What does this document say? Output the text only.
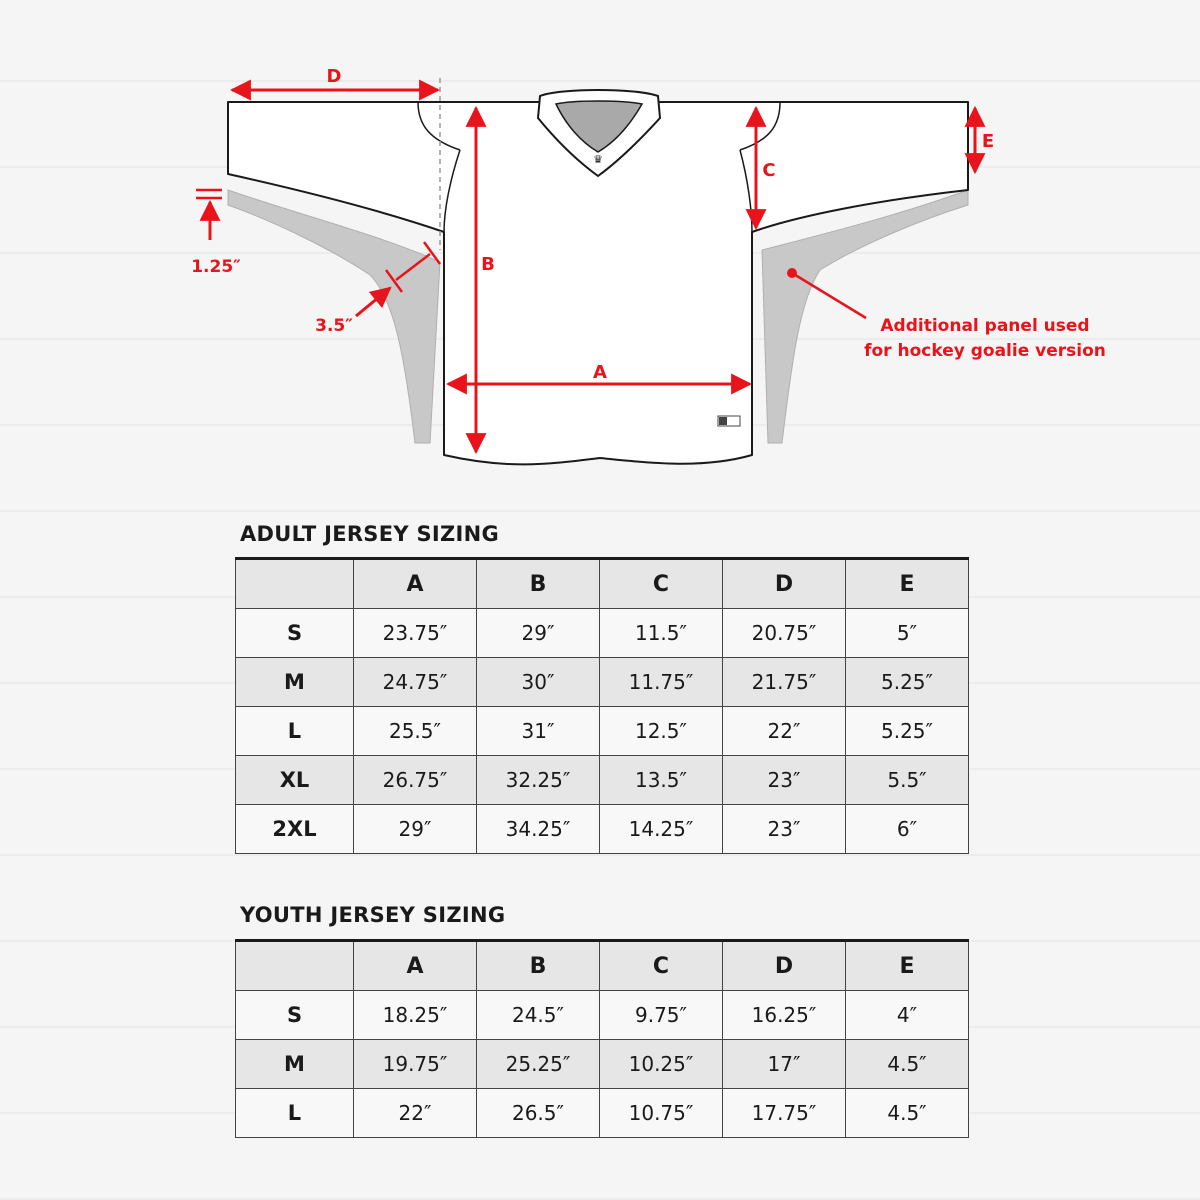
♛
D
E
C
B
A
1.25″
3.5″	Additional panel used
for hockey goalie version
ADULT JERSEY SIZING
	A	B	C	D	E
S	23.75″	29″	11.5″	20.75″	5″
M	24.75″	30″	11.75″	21.75″	5.25″
L	25.5″	31″	12.5″	22″	5.25″
XL	26.75″	32.25″	13.5″	23″	5.5″
2XL	29″	34.25″	14.25″	23″	6″
YOUTH JERSEY SIZING
	A	B	C	D	E
S	18.25″	24.5″	9.75″	16.25″	4″
M	19.75″	25.25″	10.25″	17″	4.5″
L	22″	26.5″	10.75″	17.75″	4.5″
